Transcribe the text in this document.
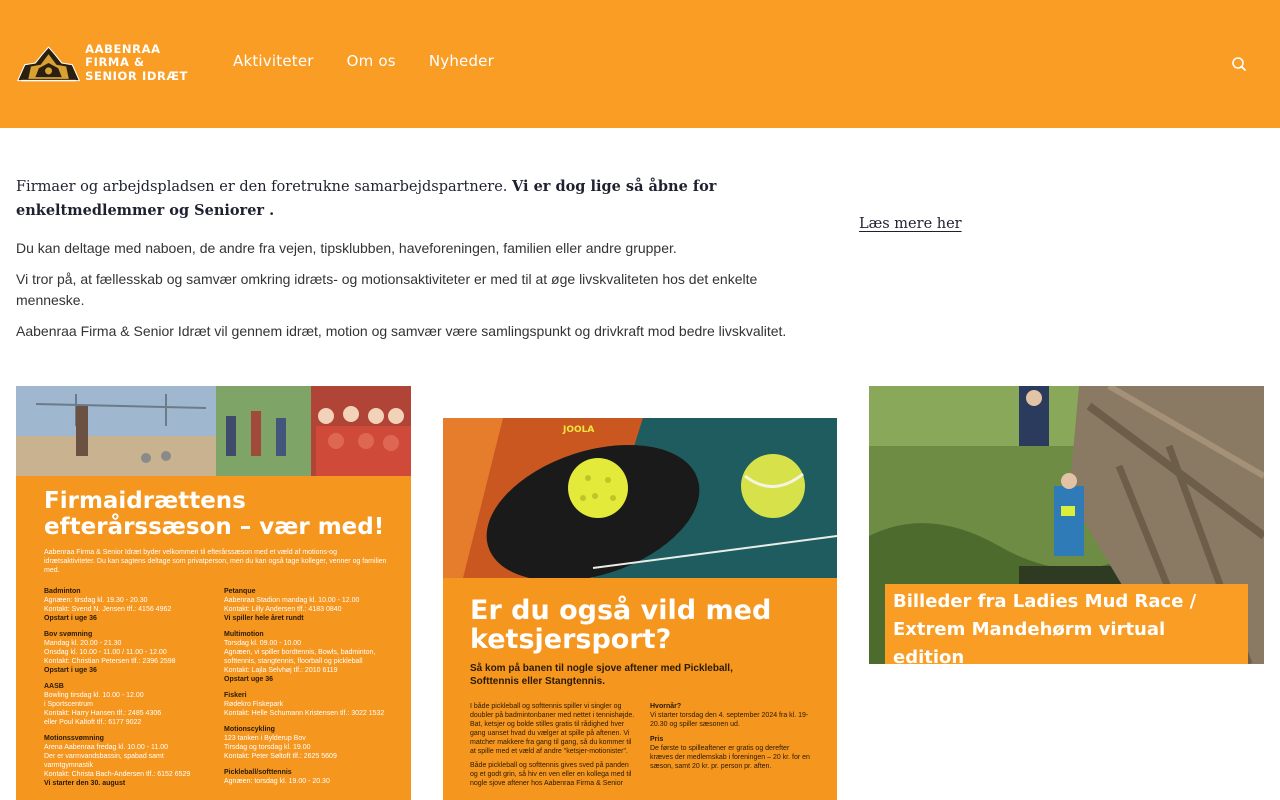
AABENRAA
FIRMA &
SENIOR IDRÆT
Aktiviteter Om os Nyheder

Firmaer og arbejdspladsen er den foretrukne samarbejdspartnere. Vi er dog lige så åbne for enkeltmedlemmer og Seniorer .

Du kan deltage med naboen, de andre fra vejen, tipsklubben, haveforeningen, familien eller andre grupper.

Vi tror på, at fællesskab og samvær omkring idræts- og motionsaktiviteter er med til at øge livskvaliteten hos det enkelte menneske.

Aabenraa Firma & Senior Idræt vil gennem idræt, motion og samvær være samlingspunkt og drivkraft mod bedre livskvalitet.

Læs mere her
Firmaidrættens efterårssæson – vær med!
Aabenraa Firma & Senior Idræt byder velkommen til efterårssæson med et væld af motions-og idrætsaktiviteter. Du kan sagtens deltage som privatperson, men du kan også tage kolleger, venner og familien med.
Badminton
Agnæen: tirsdag kl. 19.30 - 20.30
Kontakt: Svend N. Jensen tlf.: 4156 4962
Opstart i uge 36
Bov svømning
Mandag kl. 20.00 - 21.30
Onsdag kl. 10.00 - 11.00 / 11.00 - 12.00
Kontakt: Christian Petersen tlf.: 2396 2598
Opstart i uge 36
AASB
Bowling tirsdag kl. 10.00 - 12.00
i Sportscentrum
Kontakt: Harry Hansen tlf.: 2485 4306
eller Poul Kaltoft tlf.: 6177 9022
Motionssvømning
Arena Aabenraa fredag kl. 10.00 - 11.00
Der er varmvandsbassin, spabad samt varmtgymnastik
Kontakt: Christa Bach-Andersen tlf.: 6152 6529
Vi starter den 30. august
Petanque
Aabenraa Stadion mandag kl. 10.00 - 12.00
Kontakt: Lilly Andersen tlf.: 4183 0840
Vi spiller hele året rundt
Multimotion
Torsdag kl. 09.00 - 10.00
Agnæen, vi spiller bordtennis, Bowls, badminton,
softtennis, stangtennis, floorball og pickleball
Kontakt: Lajla Selvhøj tlf.: 2010 6119
Opstart uge 36
Fiskeri
Rødekro Fiskepark
Kontakt: Helle Schumann Kristensen tlf.: 3022 1532
Motionscykling
123 tanken i Bylderup Bov
Tirsdag og torsdag kl. 19.00
Kontakt: Peter Søltoft tlf.: 2625 5609
Pickleball/softtennis
Agnæen: torsdag kl. 19.00 - 20.30
JOOLA
Er du også vild med ketsjersport?
Så kom på banen til nogle sjove aftener med Pickleball, Softtennis eller Stangtennis.
I både pickleball og softtennis spiller vi singler og doubler på badmintonbaner med nettet i tennishøjde. Bat, ketsjer og bolde stilles gratis til rådighed hver gang uanset hvad du vælger at spille på aftenen. Vi matcher makkere fra gang til gang, så du kommer til at spille med et væld af andre "ketsjer-motionister".
Både pickleball og softtennis gives sved på panden og et godt grin, så hiv en ven eller en kollega med til nogle sjove aftener hos Aabenraa Firma & Senior
Hvornår?
Vi starter torsdag den 4. september 2024 fra kl. 19-20.30 og spiller sæsonen ud.
Pris
De første to spilleaftener er gratis og derefter kræves der medlemskab i foreningen – 20 kr. for en sæson, samt 20 kr. pr. person pr. aften.
Billeder fra Ladies Mud Race / Extrem Mandehørm virtual edition
